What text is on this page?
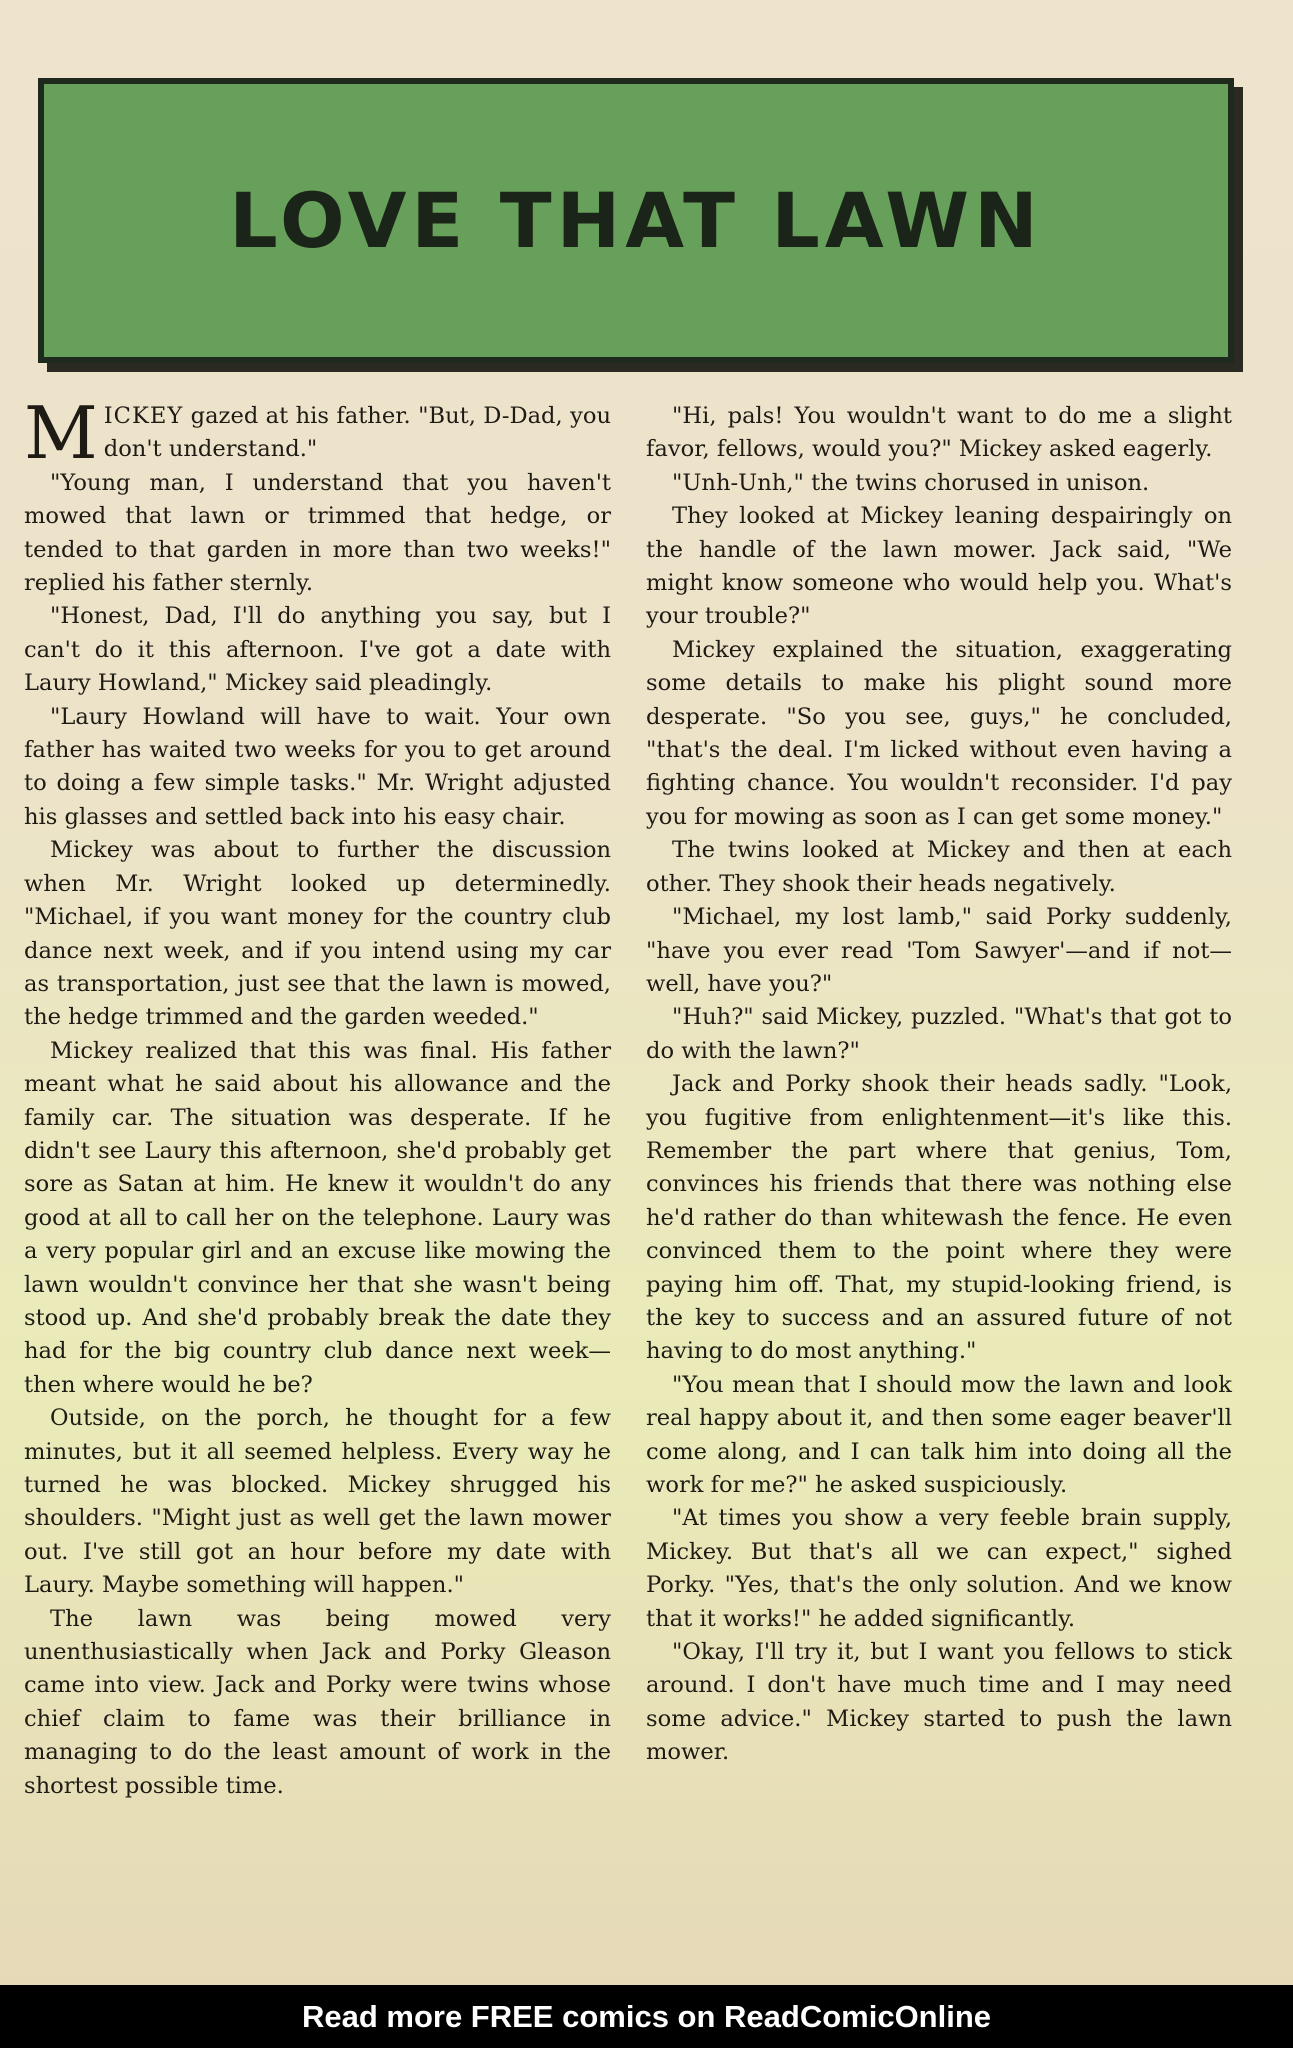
LOVE THAT LAWN

MICKEY gazed at his father. "But, D-Dad, you don't understand."

"Young man, I understand that you haven't mowed that lawn or trimmed that hedge, or tended to that garden in more than two weeks!" replied his father sternly.

"Honest, Dad, I'll do anything you say, but I can't do it this afternoon. I've got a date with Laury Howland," Mickey said pleadingly.

"Laury Howland will have to wait. Your own father has waited two weeks for you to get around to doing a few simple tasks." Mr. Wright adjusted his glasses and settled back into his easy chair.

Mickey was about to further the discussion when Mr. Wright looked up determinedly. "Michael, if you want money for the country club dance next week, and if you intend using my car as transportation, just see that the lawn is mowed, the hedge trimmed and the garden weeded."

Mickey realized that this was final. His father meant what he said about his allowance and the family car. The situation was desperate. If he didn't see Laury this afternoon, she'd probably get sore as Satan at him. He knew it wouldn't do any good at all to call her on the telephone. Laury was a very popular girl and an excuse like mowing the lawn wouldn't convince her that she wasn't being stood up. And she'd probably break the date they had for the big country club dance next week—then where would he be?

Outside, on the porch, he thought for a few minutes, but it all seemed helpless. Every way he turned he was blocked. Mickey shrugged his shoulders. "Might just as well get the lawn mower out. I've still got an hour before my date with Laury. Maybe something will happen."

The lawn was being mowed very unenthusiastically when Jack and Porky Gleason came into view. Jack and Porky were twins whose chief claim to fame was their brilliance in managing to do the least amount of work in the shortest possible time.

"Hi, pals! You wouldn't want to do me a slight favor, fellows, would you?" Mickey asked eagerly.

"Unh-Unh," the twins chorused in unison.

They looked at Mickey leaning despairingly on the handle of the lawn mower. Jack said, "We might know someone who would help you. What's your trouble?"

Mickey explained the situation, exaggerating some details to make his plight sound more desperate. "So you see, guys," he concluded, "that's the deal. I'm licked without even having a fighting chance. You wouldn't reconsider. I'd pay you for mowing as soon as I can get some money."

The twins looked at Mickey and then at each other. They shook their heads negatively.

"Michael, my lost lamb," said Porky suddenly, "have you ever read 'Tom Sawyer'—and if not—well, have you?"

"Huh?" said Mickey, puzzled. "What's that got to do with the lawn?"

Jack and Porky shook their heads sadly. "Look, you fugitive from enlightenment—it's like this. Remember the part where that genius, Tom, convinces his friends that there was nothing else he'd rather do than whitewash the fence. He even convinced them to the point where they were paying him off. That, my stupid-looking friend, is the key to success and an assured future of not having to do most anything."

"You mean that I should mow the lawn and look real happy about it, and then some eager beaver'll come along, and I can talk him into doing all the work for me?" he asked suspiciously.

"At times you show a very feeble brain supply, Mickey. But that's all we can expect," sighed Porky. "Yes, that's the only solution. And we know that it works!" he added significantly.

"Okay, I'll try it, but I want you fellows to stick around. I don't have much time and I may need some advice." Mickey started to push the lawn mower.

Read more FREE comics on ReadComicOnline
